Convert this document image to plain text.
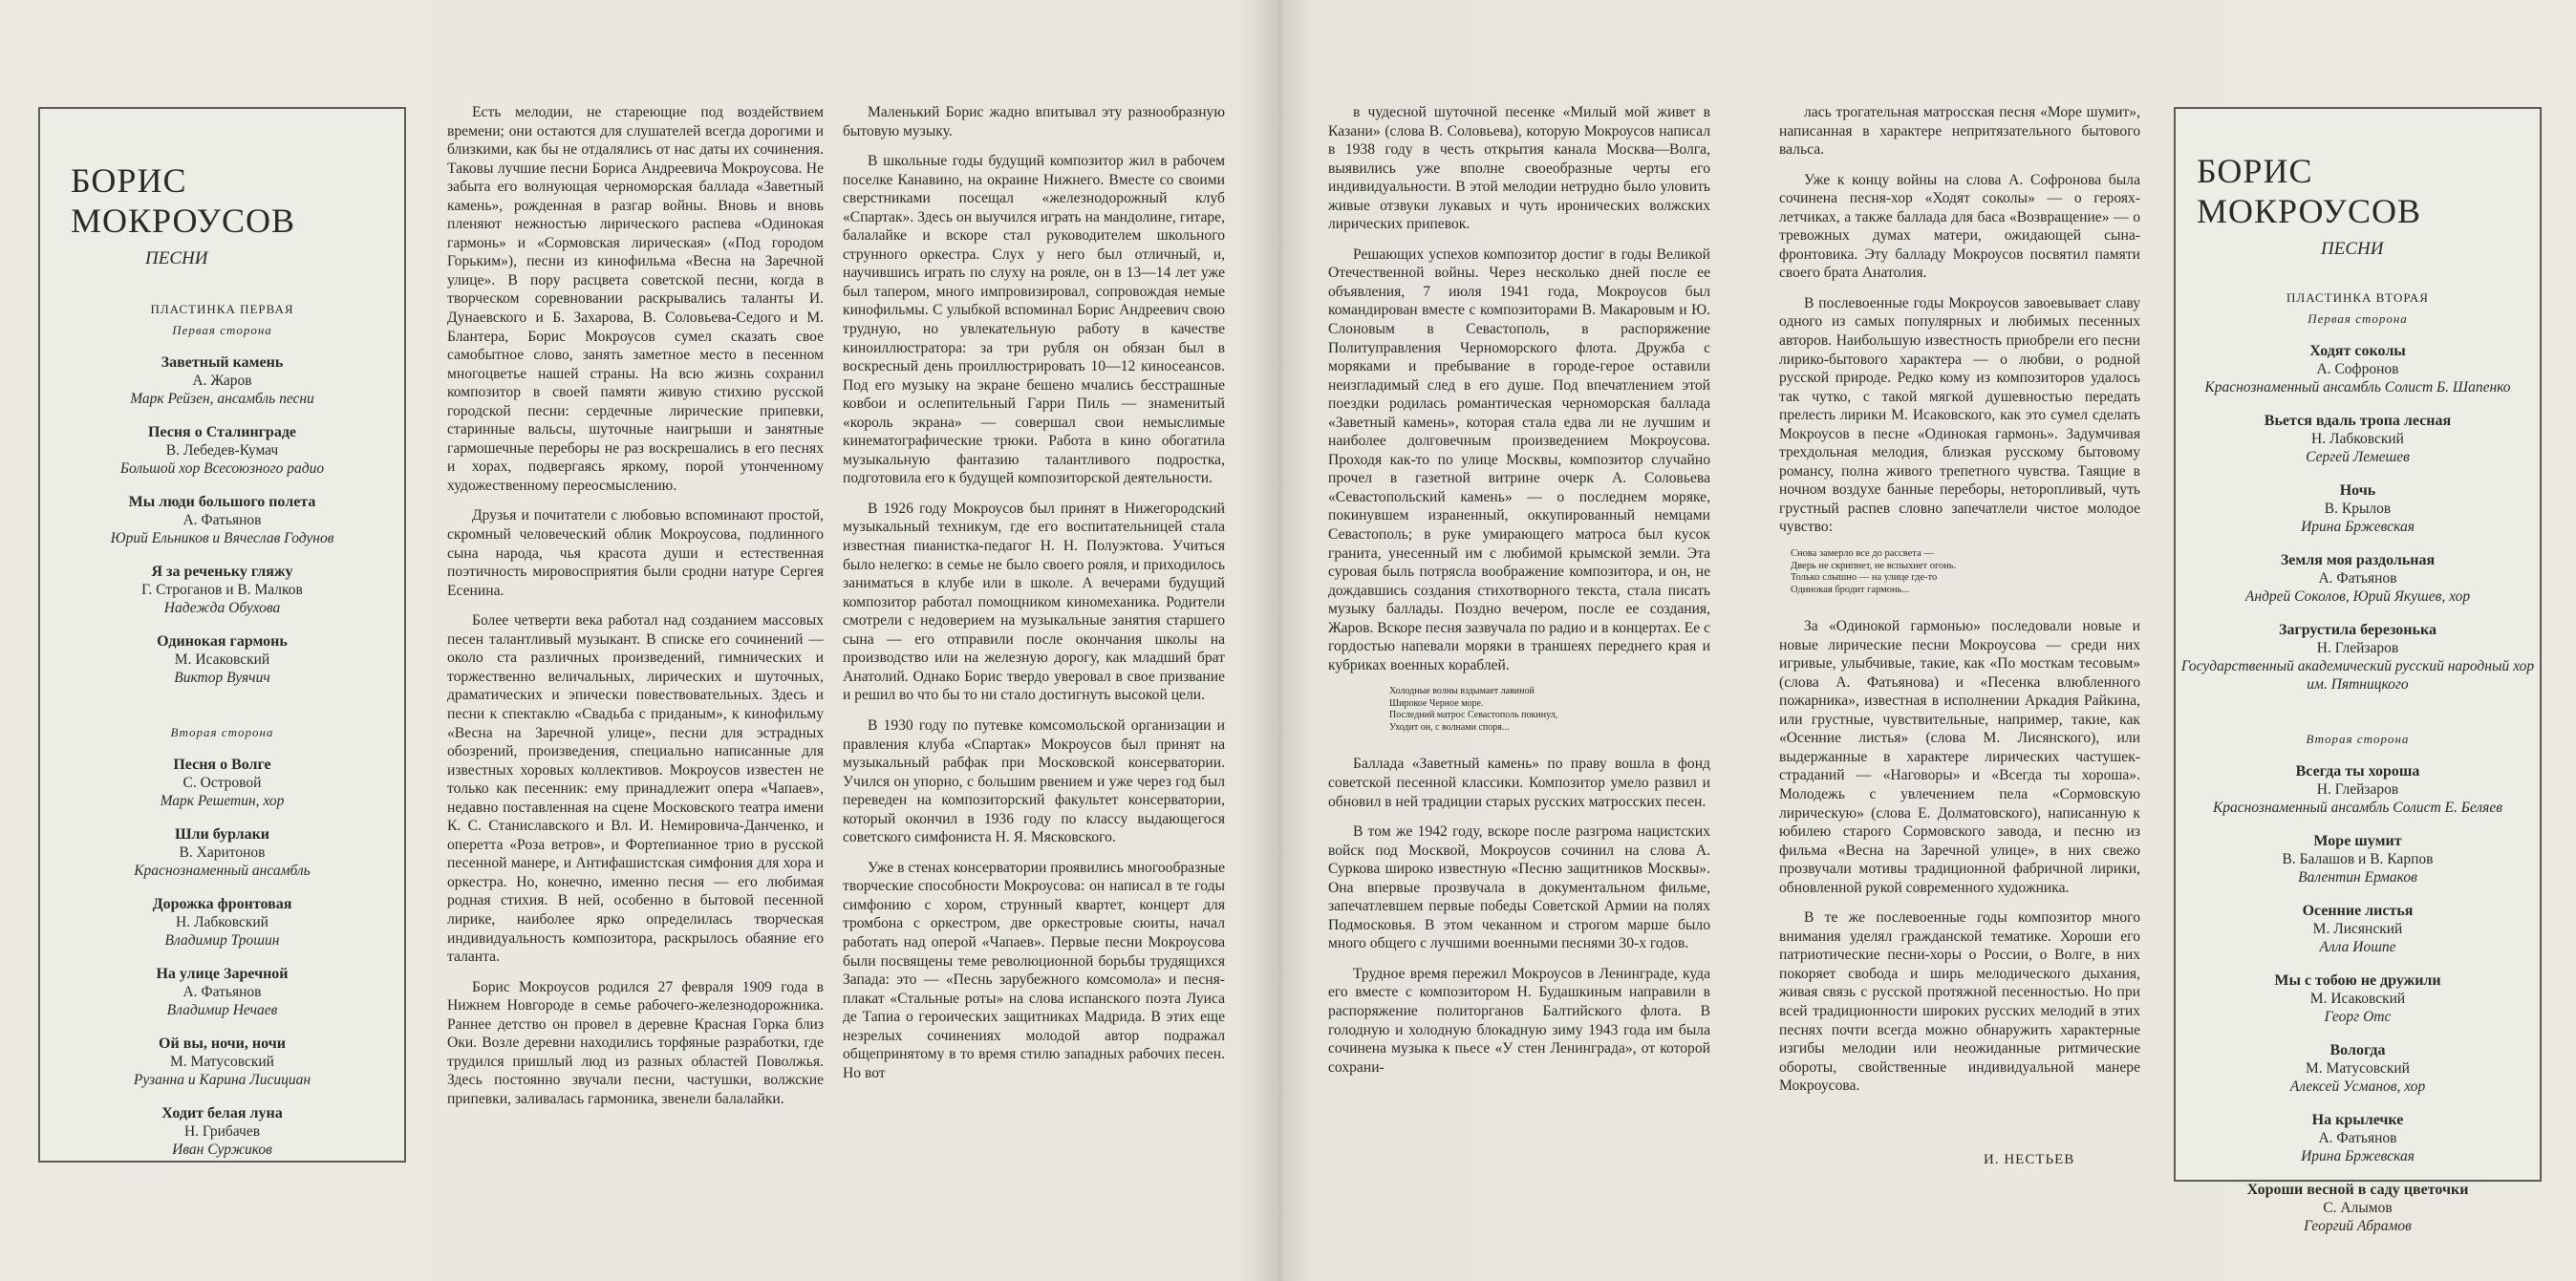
БОРИС МОКРОУСОВ
ПЕСНИ
ПЛАСТИНКА ПЕРВАЯ
Первая сторона
Заветный камень
А. Жаров
Марк Рейзен, ансамбль песни
Песня о Сталинграде
В. Лебедев-Кумач
Большой хор Всесоюзного радио
Мы люди большого полета
А. Фатьянов
Юрий Ельников и Вячеслав Годунов
Я за реченьку гляжу
Г. Строганов и В. Малков
Надежда Обухова
Одинокая гармонь
М. Исаковский
Виктор Вуячич
Вторая сторона
Песня о Волге
С. Островой
Марк Решетин, хор
Шли бурлаки
В. Харитонов
Краснознаменный ансамбль
Дорожка фронтовая
Н. Лабковский
Владимир Трошин
На улице Заречной
А. Фатьянов
Владимир Нечаев
Ой вы, ночи, ночи
М. Матусовский
Рузанна и Карина Лисициан
Ходит белая луна
Н. Грибачев
Иван Суржиков

Есть мелодии, не стареющие под воздействием времени; они остаются для слушателей всегда дорогими и близкими, как бы не отдалялись от нас даты их сочинения. Таковы лучшие песни Бориса Андреевича Мокроусова. Не забыта его волнующая черноморская баллада «Заветный камень», рожденная в разгар войны. Вновь и вновь пленяют нежностью лирического распева «Одинокая гармонь» и «Сормовская лирическая» («Под городом Горьким»), песни из кинофильма «Весна на Заречной улице». В пору расцвета советской песни, когда в творческом соревновании раскрывались таланты И. Дунаевского и Б. Захарова, В. Соловьева-Седого и М. Блантера, Борис Мокроусов сумел сказать свое самобытное слово, занять заметное место в песенном многоцветье нашей страны. На всю жизнь сохранил композитор в своей памяти живую стихию русской городской песни: сердечные лирические припевки, старинные вальсы, шуточные наигрыши и занятные гармошечные переборы не раз воскрешались в его песнях и хорах, подвергаясь яркому, порой утонченному художественному переосмыслению.

Друзья и почитатели с любовью вспоминают простой, скромный человеческий облик Мокроусова, подлинного сына народа, чья красота души и естественная поэтичность мировосприятия были сродни натуре Сергея Есенина.

Более четверти века работал над созданием массовых песен талантливый музыкант. В списке его сочинений — около ста различных произведений, гимнических и торжественно величальных, лирических и шуточных, драматических и эпически повествовательных. Здесь и песни к спектаклю «Свадьба с приданым», к кинофильму «Весна на Заречной улице», песни для эстрадных обозрений, произведения, специально написанные для известных хоровых коллективов. Мокроусов известен не только как песенник: ему принадлежит опера «Чапаев», недавно поставленная на сцене Московского театра имени К. С. Станиславского и Вл. И. Немировича-Данченко, и оперетта «Роза ветров», и Фортепианное трио в русской песенной манере, и Антифашистская симфония для хора и оркестра. Но, конечно, именно песня — его любимая родная стихия. В ней, особенно в бытовой песенной лирике, наиболее ярко определилась творческая индивидуальность композитора, раскрылось обаяние его таланта.

Борис Мокроусов родился 27 февраля 1909 года в Нижнем Новгороде в семье рабочего-железнодорожника. Раннее детство он провел в деревне Красная Горка близ Оки. Возле деревни находились торфяные разработки, где трудился пришлый люд из разных областей Поволжья. Здесь постоянно звучали песни, частушки, волжские припевки, заливалась гармоника, звенели балалайки.

Маленький Борис жадно впитывал эту разнообразную бытовую музыку.

В школьные годы будущий композитор жил в рабочем поселке Канавино, на окраине Нижнего. Вместе со своими сверстниками посещал «железнодорожный клуб «Спартак». Здесь он выучился играть на мандолине, гитаре, балалайке и вскоре стал руководителем школьного струнного оркестра. Слух у него был отличный, и, научившись играть по слуху на рояле, он в 13—14 лет уже был тапером, много импровизировал, сопровождая немые кинофильмы. С улыбкой вспоминал Борис Андреевич свою трудную, но увлекательную работу в качестве киноиллюстратора: за три рубля он обязан был в воскресный день проиллюстрировать 10—12 киносеансов. Под его музыку на экране бешено мчались бесстрашные ковбои и ослепительный Гарри Пиль — знаменитый «король экрана» — совершал свои немыслимые кинематографические трюки. Работа в кино обогатила музыкальную фантазию талантливого подростка, подготовила его к будущей композиторской деятельности.

В 1926 году Мокроусов был принят в Нижегородский музыкальный техникум, где его воспитательницей стала известная пианистка-педагог Н. Н. Полуэктова. Учиться было нелегко: в семье не было своего рояля, и приходилось заниматься в клубе или в школе. А вечерами будущий композитор работал помощником киномеханика. Родители смотрели с недоверием на музыкальные занятия старшего сына — его отправили после окончания школы на производство или на железную дорогу, как младший брат Анатолий. Однако Борис твердо уверовал в свое призвание и решил во что бы то ни стало достигнуть высокой цели.

В 1930 году по путевке комсомольской организации и правления клуба «Спартак» Мокроусов был принят на музыкальный рабфак при Московской консерватории. Учился он упорно, с большим рвением и уже через год был переведен на композиторский факультет консерватории, который окончил в 1936 году по классу выдающегося советского симфониста Н. Я. Мясковского.

Уже в стенах консерватории проявились многообразные творческие способности Мокроусова: он написал в те годы симфонию с хором, струнный квартет, концерт для тромбона с оркестром, две оркестровые сюиты, начал работать над оперой «Чапаев». Первые песни Мокроусова были посвящены теме революционной борьбы трудящихся Запада: это — «Песнь зарубежного комсомола» и песня-плакат «Стальные роты» на слова испанского поэта Луиса де Тапиа о героических защитниках Мадрида. В этих еще незрелых сочинениях молодой автор подражал общепринятому в то время стилю западных рабочих песен. Но вот

в чудесной шуточной песенке «Милый мой живет в Казани» (слова В. Соловьева), которую Мокроусов написал в 1938 году в честь открытия канала Москва—Волга, выявились уже вполне своеобразные черты его индивидуальности. В этой мелодии нетрудно было уловить живые отзвуки лукавых и чуть иронических волжских лирических припевок.

Решающих успехов композитор достиг в годы Великой Отечественной войны. Через несколько дней после ее объявления, 7 июля 1941 года, Мокроусов был командирован вместе с композиторами В. Макаровым и Ю. Слоновым в Севастополь, в распоряжение Политуправления Черноморского флота. Дружба с моряками и пребывание в городе-герое оставили неизгладимый след в его душе. Под впечатлением этой поездки родилась романтическая черноморская баллада «Заветный камень», которая стала едва ли не лучшим и наиболее долговечным произведением Мокроусова. Проходя как-то по улице Москвы, композитор случайно прочел в газетной витрине очерк А. Соловьева «Севастопольский камень» — о последнем моряке, покинувшем израненный, оккупированный немцами Севастополь; в руке умирающего матроса был кусок гранита, унесенный им с любимой крымской земли. Эта суровая быль потрясла воображение композитора, и он, не дождавшись создания стихотворного текста, стала писать музыку баллады. Поздно вечером, после ее создания, Жаров. Вскоре песня зазвучала по радио и в концертах. Ее с гордостью напевали моряки в траншеях переднего края и кубриках военных кораблей.

Холодные волны вздымает лавиной
Широкое Черное море.
Последний матрос Севастополь покинул,
Уходит он, с волнами споря...

Баллада «Заветный камень» по праву вошла в фонд советской песенной классики. Композитор умело развил и обновил в ней традиции старых русских матросских песен.

В том же 1942 году, вскоре после разгрома нацистских войск под Москвой, Мокроусов сочинил на слова А. Суркова широко известную «Песню защитников Москвы». Она впервые прозвучала в документальном фильме, запечатлевшем первые победы Советской Армии на полях Подмосковья. В этом чеканном и строгом марше было много общего с лучшими военными песнями 30-х годов.

Трудное время пережил Мокроусов в Ленинграде, куда его вместе с композитором Н. Будашкиным направили в распоряжение политорганов Балтийского флота. В голодную и холодную блокадную зиму 1943 года им была сочинена музыка к пьесе «У стен Ленинграда», от которой сохрани-

лась трогательная матросская песня «Море шумит», написанная в характере непритязательного бытового вальса.

Уже к концу войны на слова А. Софронова была сочинена песня-хор «Ходят соколы» — о героях-летчиках, а также баллада для баса «Возвращение» — о тревожных думах матери, ожидающей сына-фронтовика. Эту балладу Мокроусов посвятил памяти своего брата Анатолия.

В послевоенные годы Мокроусов завоевывает славу одного из самых популярных и любимых песенных авторов. Наибольшую известность приобрели его песни лирико-бытового характера — о любви, о родной русской природе. Редко кому из композиторов удалось так чутко, с такой мягкой душевностью передать прелесть лирики М. Исаковского, как это сумел сделать Мокроусов в песне «Одинокая гармонь». Задумчивая трехдольная мелодия, близкая русскому бытовому романсу, полна живого трепетного чувства. Таящие в ночном воздухе банные переборы, неторопливый, чуть грустный распев словно запечатлели чистое молодое чувство:

Снова замерло все до рассвета —
Дверь не скрипнет, не вспыхнет огонь.
Только слышно — на улице где-то
Одинокая бродит гармонь...

За «Одинокой гармонью» последовали новые и новые лирические песни Мокроусова — среди них игривые, улыбчивые, такие, как «По мосткам тесовым» (слова А. Фатьянова) и «Песенка влюбленного пожарника», известная в исполнении Аркадия Райкина, или грустные, чувствительные, например, такие, как «Осенние листья» (слова М. Лисянского), или выдержанные в характере лирических частушек-страданий — «Наговоры» и «Всегда ты хороша». Молодежь с увлечением пела «Сормовскую лирическую» (слова Е. Долматовского), написанную к юбилею старого Сормовского завода, и песню из фильма «Весна на Заречной улице», в них свежо прозвучали мотивы традиционной фабричной лирики, обновленной рукой современного художника.

В те же послевоенные годы композитор много внимания уделял гражданской тематике. Хороши его патриотические песни-хоры о России, о Волге, в них покоряет свобода и ширь мелодического дыхания, живая связь с русской протяжной песенностью. Но при всей традиционности широких русских мелодий в этих песнях почти всегда можно обнаружить характерные изгибы мелодии или неожиданные ритмические обороты, свойственные индивидуальной манере Мокроусова.

И. НЕСТЬЕВ
БОРИС МОКРОУСОВ
ПЕСНИ
ПЛАСТИНКА ВТОРАЯ
Первая сторона
Ходят соколы
А. Софронов
Краснознаменный ансамбль Солист Б. Шапенко
Вьется вдаль тропа лесная
Н. Лабковский
Сергей Лемешев
Ночь
В. Крылов
Ирина Бржевская
Земля моя раздольная
А. Фатьянов
Андрей Соколов, Юрий Якушев, хор
Загрустила березонька
Н. Глейзаров
Государственный академический русский народный хор им. Пятницкого
Вторая сторона
Всегда ты хороша
Н. Глейзаров
Краснознаменный ансамбль Солист Е. Беляев
Море шумит
В. Балашов и В. Карпов
Валентин Ермаков
Осенние листья
М. Лисянский
Алла Иошпе
Мы с тобою не дружили
М. Исаковский
Георг Отс
Вологда
М. Матусовский
Алексей Усманов, хор
На крылечке
А. Фатьянов
Ирина Бржевская
Хороши весной в саду цветочки
С. Алымов
Георгий Абрамов
